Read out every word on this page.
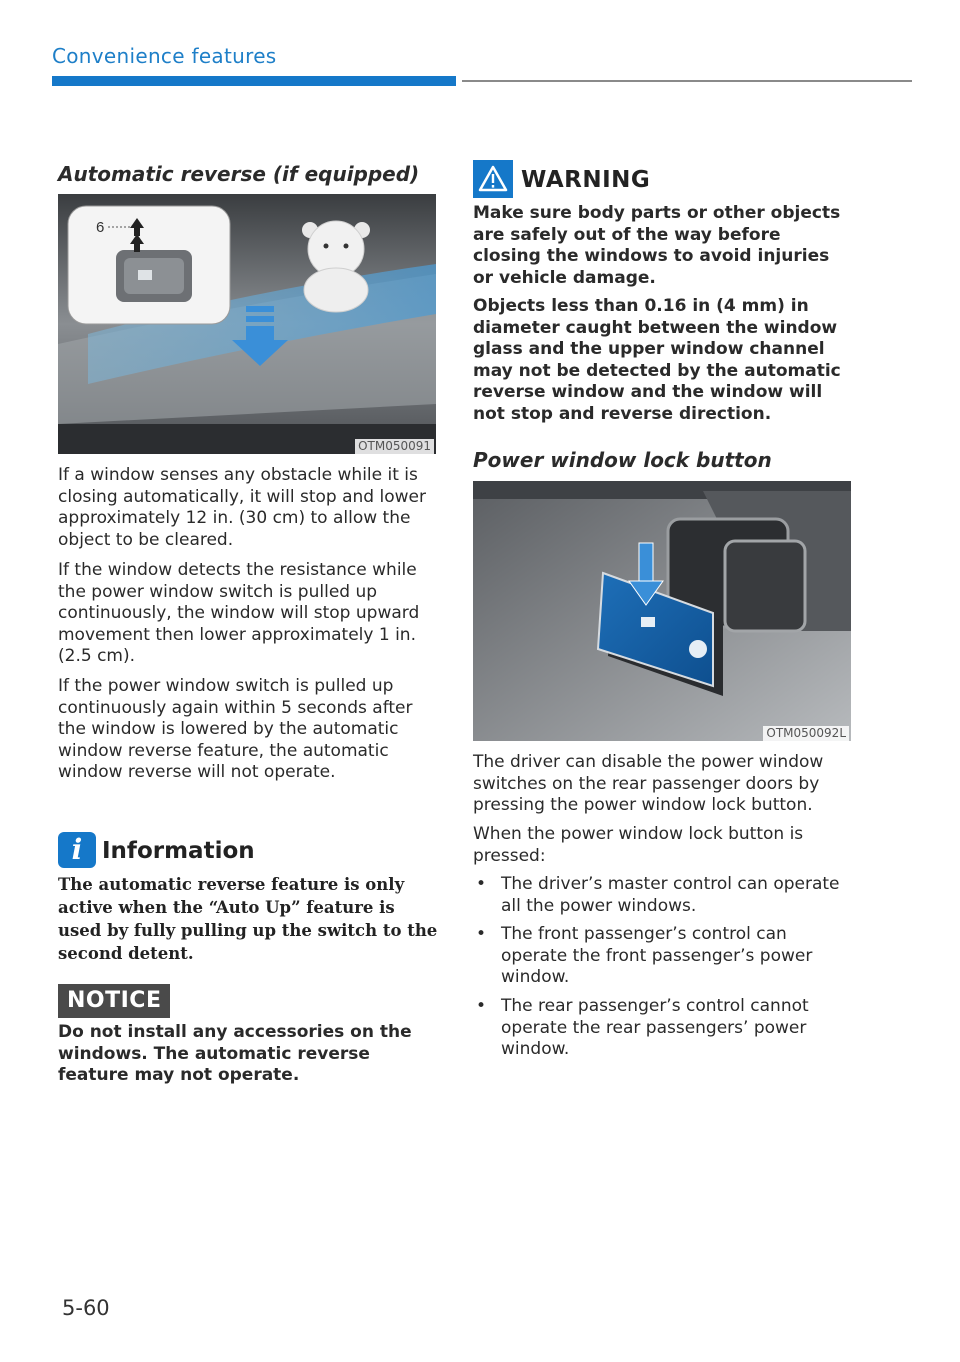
Convenience features
Automatic reverse (if equipped)
6
OTM050091
If a window senses any obstacle while it is closing automatically, it will stop and lower approximately 12 in. (30 cm) to allow the object to be cleared.
If the window detects the resistance while the power window switch is pulled up continuously, the window will stop upward movement then lower approximately 1 in. (2.5 cm).
If the power window switch is pulled up continuously again within 5 seconds after the window is lowered by the automatic window reverse feature, the automatic window reverse will not operate.
i Information
The automatic reverse feature is only active when the “Auto Up” feature is used by fully pulling up the switch to the second detent.
NOTICE
Do not install any accessories on the windows. The automatic reverse feature may not operate.
WARNING
Make sure body parts or other objects are safely out of the way before closing the windows to avoid injuries or vehicle damage.
Objects less than 0.16 in (4 mm) in diameter caught between the window glass and the upper window channel may not be detected by the automatic reverse window and the window will not stop and reverse direction.
Power window lock button
OTM050092L
The driver can disable the power window switches on the rear passenger doors by pressing the power window lock button.
When the power window lock button is pressed:
• The driver’s master control can operate all the power windows.
• The front passenger’s control can operate the front passenger’s power window.
• The rear passenger’s control cannot operate the rear passengers’ power window.
5-60
